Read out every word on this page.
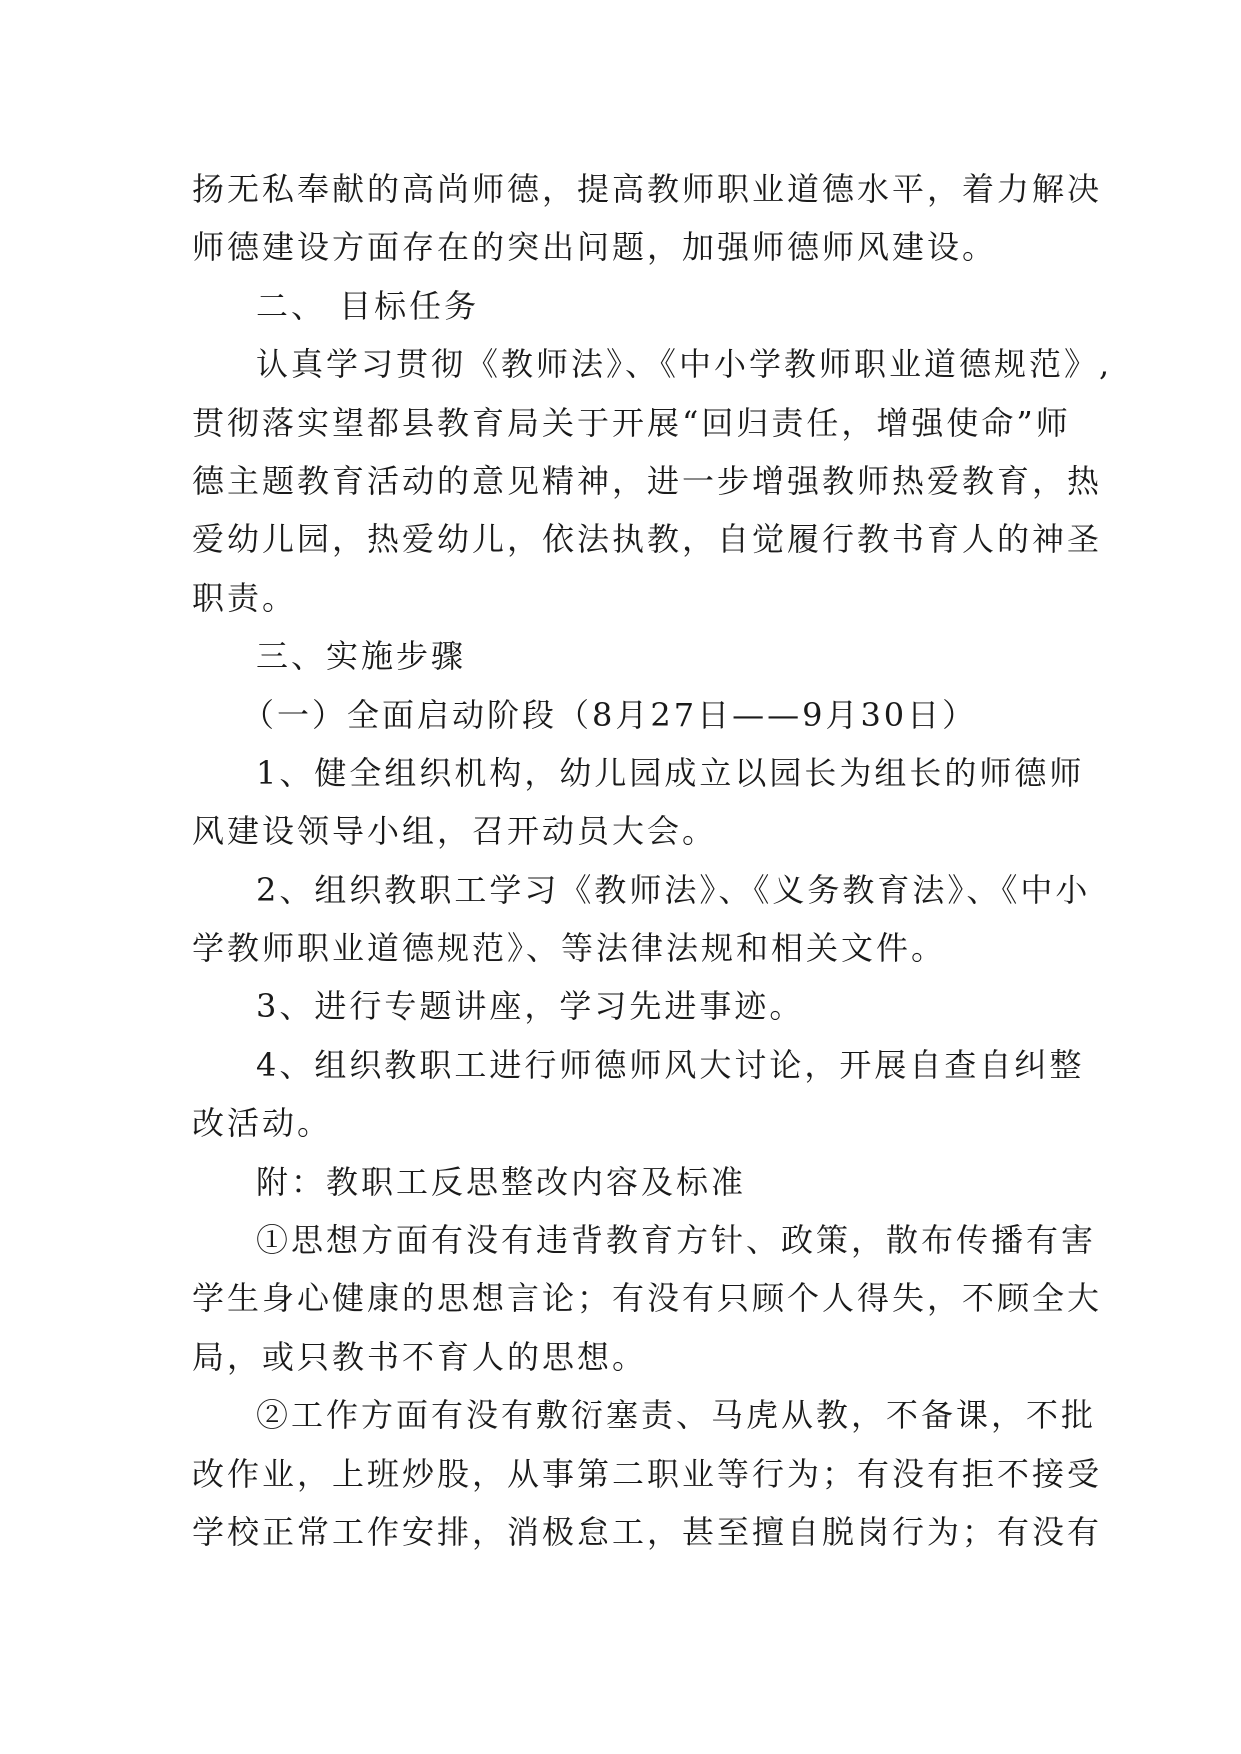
扬无私奉献的高尚师德，提高教师职业道德水平，着力解决
师德建设方面存在的突出问题，加强师德师风建设。
二、 目标任务
认真学习贯彻《教师法》、《中小学教师职业道德规范》,
贯彻落实望都县教育局关于开展“回归责任，增强使命”师
德主题教育活动的意见精神，进一步增强教师热爱教育，热
爱幼儿园，热爱幼儿，依法执教，自觉履行教书育人的神圣
职责。
三、实施步骤
（一）全面启动阶段（8月27日——9月30日）
1、健全组织机构，幼儿园成立以园长为组长的师德师
风建设领导小组，召开动员大会。
2、组织教职工学习《教师法》、《义务教育法》、《中小
学教师职业道德规范》、等法律法规和相关文件。
3、进行专题讲座，学习先进事迹。
4、组织教职工进行师德师风大讨论，开展自查自纠整
改活动。
附：教职工反思整改内容及标准
①思想方面有没有违背教育方针、政策，散布传播有害
学生身心健康的思想言论；有没有只顾个人得失，不顾全大
局，或只教书不育人的思想。
②工作方面有没有敷衍塞责、马虎从教，不备课，不批
改作业，上班炒股，从事第二职业等行为；有没有拒不接受
学校正常工作安排，消极怠工，甚至擅自脱岗行为；有没有
